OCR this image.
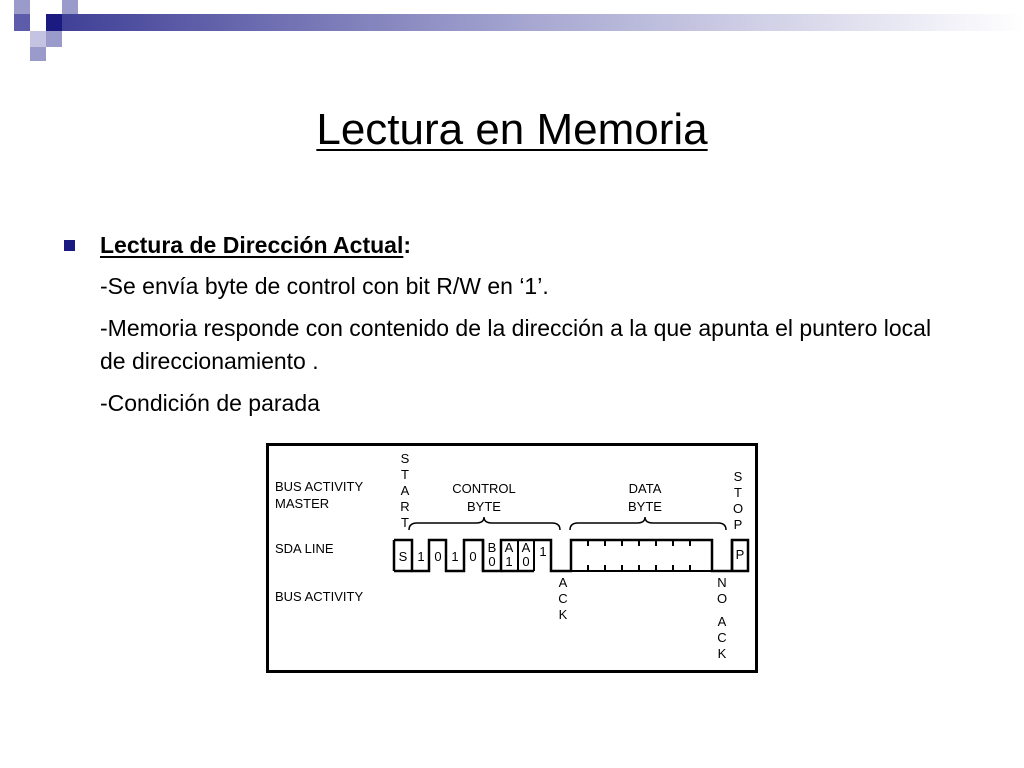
Lectura en Memoria
Lectura de Dirección Actual:
-Se envía byte de control con bit R/W en ‘1’.
-Memoria responde con contenido de la dirección a la que apunta el puntero local de direccionamiento .
-Condición de parada
BUS ACTIVITY
MASTER
SDA LINE
BUS ACTIVITY
S
T
A
R
T
S
T
O
P
CONTROL
BYTE
DATA
BYTE
A
C
K
N
O
A
C
K
S 1 0 1 0
B
0
A
1
A
0
1	P
